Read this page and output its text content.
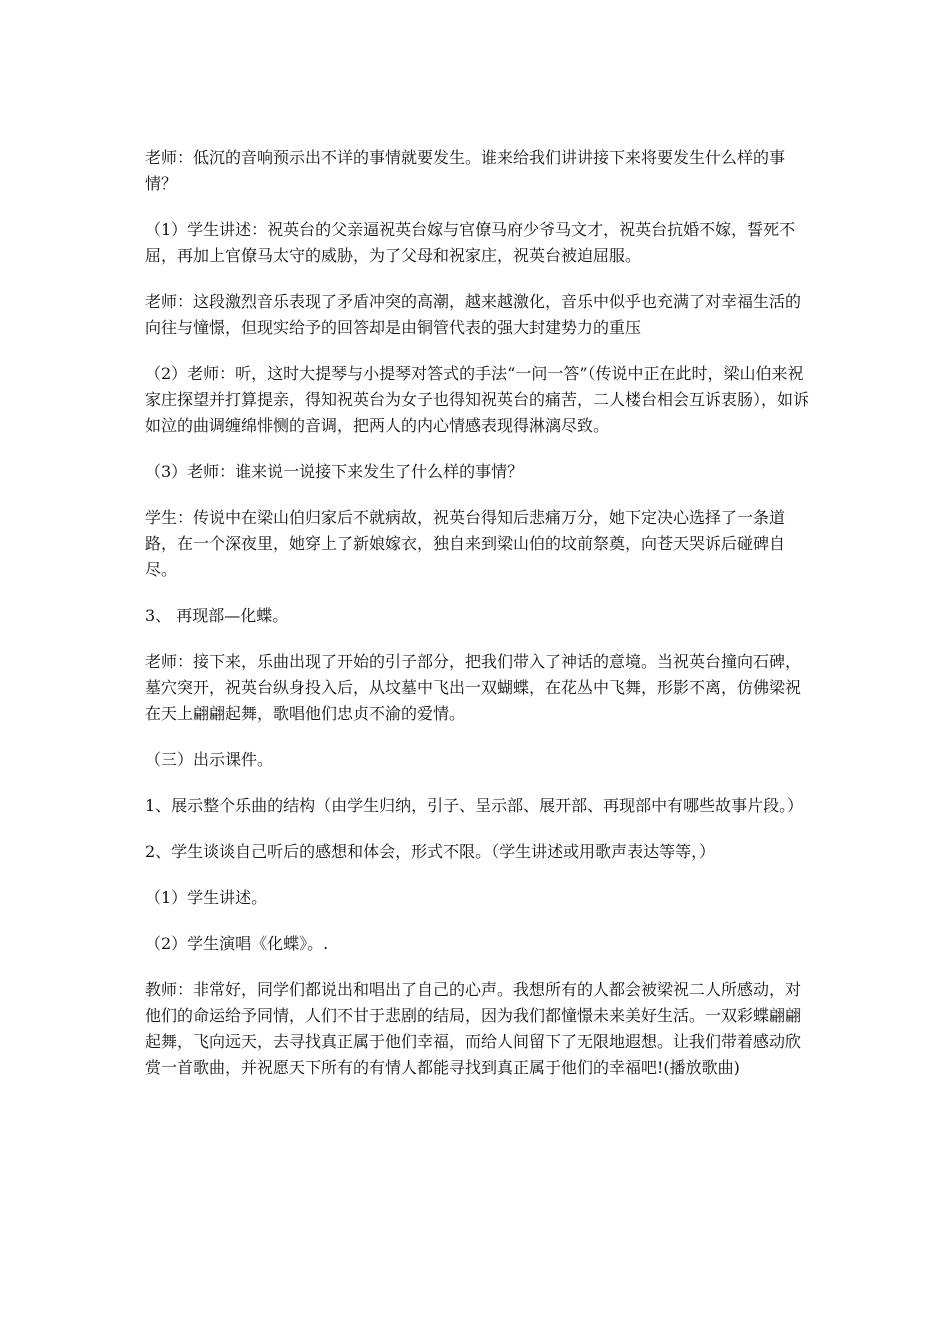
老师：低沉的音响预示出不详的事情就要发生。谁来给我们讲讲接下来将要发生什么样的事情？

（1）学生讲述：祝英台的父亲逼祝英台嫁与官僚马府少爷马文才，祝英台抗婚不嫁，誓死不屈，再加上官僚马太守的威胁，为了父母和祝家庄，祝英台被迫屈服。

老师：这段激烈音乐表现了矛盾冲突的高潮，越来越激化，音乐中似乎也充满了对幸福生活的向往与憧憬，但现实给予的回答却是由铜管代表的强大封建势力的重压

（2）老师：听，这时大提琴与小提琴对答式的手法“一问一答”（传说中正在此时，梁山伯来祝家庄探望并打算提亲，得知祝英台为女子也得知祝英台的痛苦，二人楼台相会互诉衷肠），如诉如泣的曲调缠绵悱恻的音调，把两人的内心情感表现得淋漓尽致。

（3）老师：谁来说一说接下来发生了什么样的事情？

学生：传说中在梁山伯归家后不就病故，祝英台得知后悲痛万分，她下定决心选择了一条道路，在一个深夜里，她穿上了新娘嫁衣，独自来到梁山伯的坟前祭奠，向苍天哭诉后碰碑自尽。

3、 再现部—化蝶。

老师：接下来，乐曲出现了开始的引子部分，把我们带入了神话的意境。当祝英台撞向石碑，墓穴突开，祝英台纵身投入后，从坟墓中飞出一双蝴蝶，在花丛中飞舞，形影不离，仿佛梁祝在天上翩翩起舞，歌唱他们忠贞不渝的爱情。

（三）出示课件。

1、展示整个乐曲的结构（由学生归纳，引子、呈示部、展开部、再现部中有哪些故事片段。）

2、学生谈谈自己听后的感想和体会，形式不限。（学生讲述或用歌声表达等等，）

（1）学生讲述。

（2）学生演唱《化蝶》。.

教师：非常好，同学们都说出和唱出了自己的心声。我想所有的人都会被梁祝二人所感动，对他们的命运给予同情，人们不甘于悲剧的结局，因为我们都憧憬未来美好生活。一双彩蝶翩翩起舞，飞向远天，去寻找真正属于他们幸福，而给人间留下了无限地遐想。让我们带着感动欣赏一首歌曲，并祝愿天下所有的有情人都能寻找到真正属于他们的幸福吧!(播放歌曲)
